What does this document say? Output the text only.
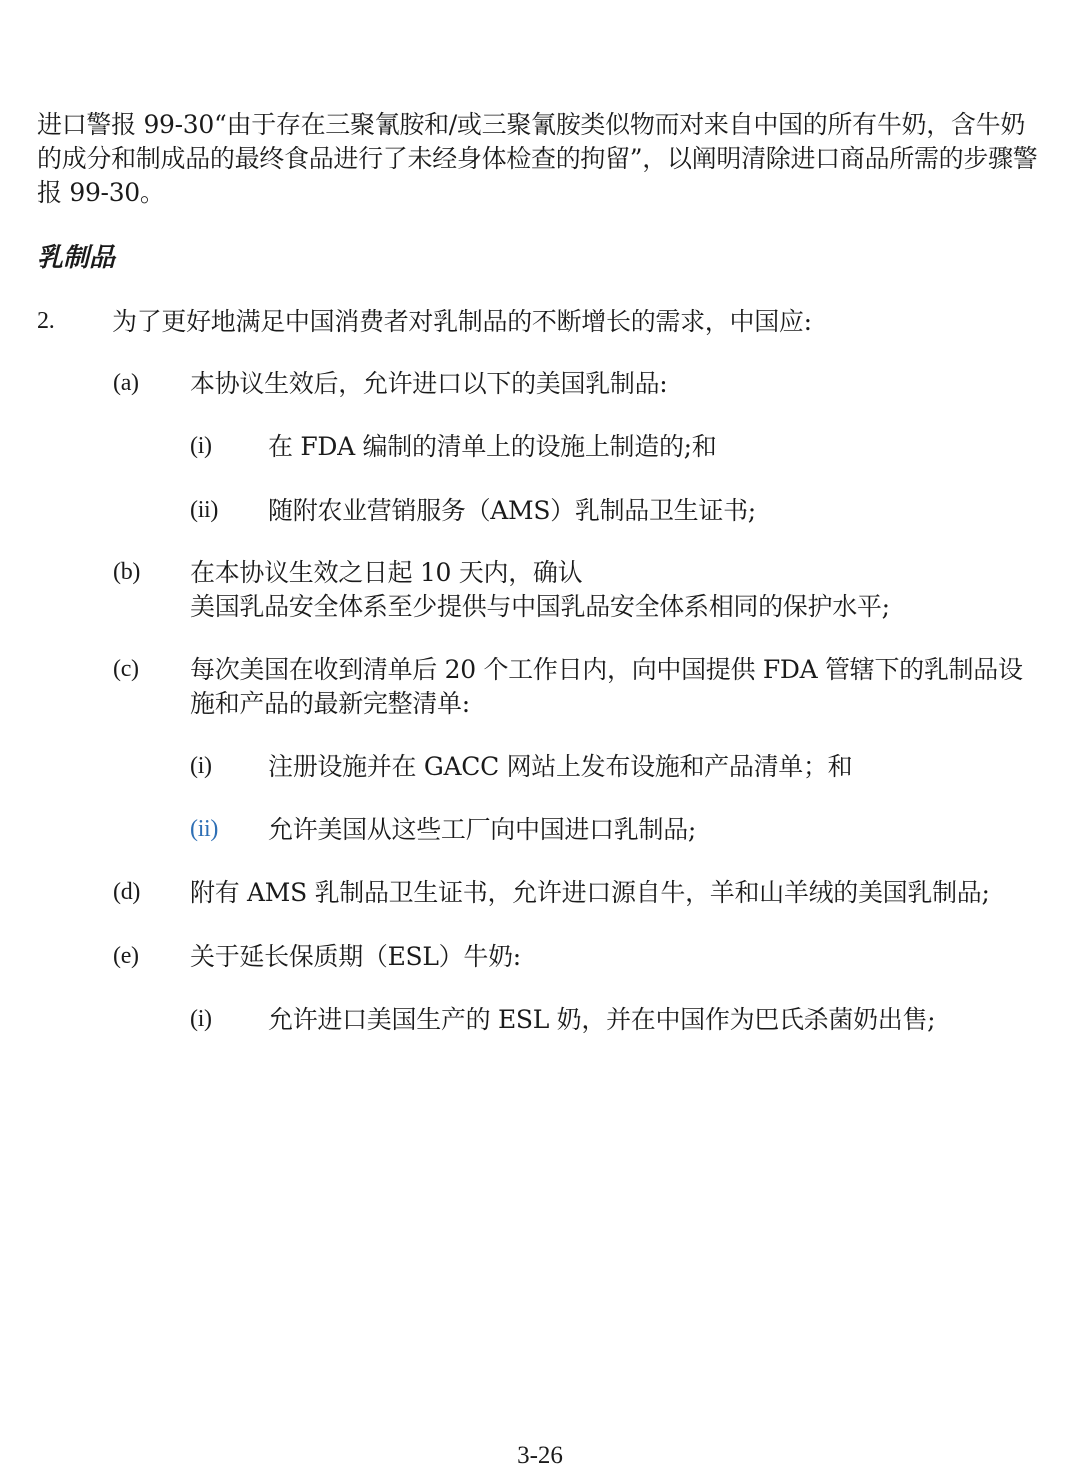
进口警报 99-30“由于存在三聚氰胺和/或三聚氰胺类似物而对来自中国的所有牛奶，含牛奶的成分和制成品的最终食品进行了未经身体检查的拘留”，以阐明清除进口商品所需的步骤警报 99-30。

乳制品
2. 为了更好地满足中国消费者对乳制品的不断增长的需求，中国应:
(a) 本协议生效后，允许进口以下的美国乳制品:
(i) 在 FDA 编制的清单上的设施上制造的;和
(ii) 随附农业营销服务（AMS）乳制品卫生证书;
(b) 在本协议生效之日起 10 天内，确认
美国乳品安全体系至少提供与中国乳品安全体系相同的保护水平;
(c) 每次美国在收到清单后 20 个工作日内，向中国提供 FDA 管辖下的乳制品设
施和产品的最新完整清单:
(i) 注册设施并在 GACC 网站上发布设施和产品清单；和
(ii) 允许美国从这些工厂向中国进口乳制品;
(d) 附有 AMS 乳制品卫生证书，允许进口源自牛，羊和山羊绒的美国乳制品;
(e) 关于延长保质期（ESL）牛奶:
(i) 允许进口美国生产的 ESL 奶，并在中国作为巴氏杀菌奶出售;
3-26
